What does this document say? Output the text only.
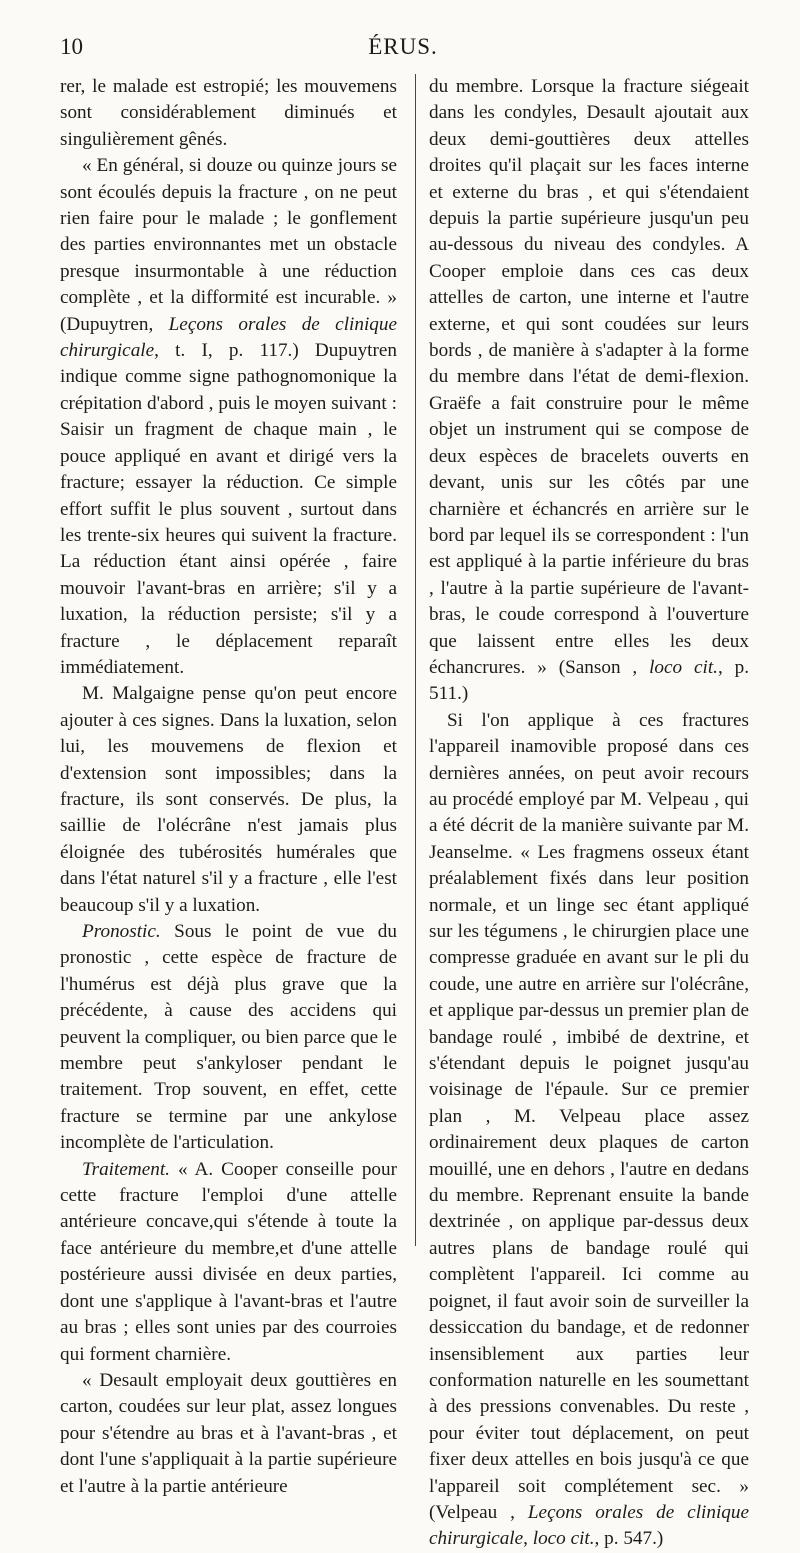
10	ÉRUS.

rer, le malade est estropié; les mouvemens sont considérablement diminués et singulièrement gênés.

« En général, si douze ou quinze jours se sont écoulés depuis la fracture , on ne peut rien faire pour le malade ; le gonflement des parties environnantes met un obstacle presque insurmontable à une réduction complète , et la difformité est incurable. » (Dupuytren, Leçons orales de clinique chirurgicale, t. I, p. 117.) Dupuytren indique comme signe pathognomonique la crépitation d'abord , puis le moyen suivant : Saisir un fragment de chaque main , le pouce appliqué en avant et dirigé vers la fracture; essayer la réduction. Ce simple effort suffit le plus souvent , surtout dans les trente-six heures qui suivent la fracture. La réduction étant ainsi opérée , faire mouvoir l'avant-bras en arrière; s'il y a luxation, la réduction persiste; s'il y a fracture , le déplacement reparaît immédiatement.

M. Malgaigne pense qu'on peut encore ajouter à ces signes. Dans la luxation, selon lui, les mouvemens de flexion et d'extension sont impossibles; dans la fracture, ils sont conservés. De plus, la saillie de l'olécrâne n'est jamais plus éloignée des tubérosités humérales que dans l'état naturel s'il y a fracture , elle l'est beaucoup s'il y a luxation.

Pronostic. Sous le point de vue du pronostic , cette espèce de fracture de l'humérus est déjà plus grave que la précédente, à cause des accidens qui peuvent la compliquer, ou bien parce que le membre peut s'ankyloser pendant le traitement. Trop souvent, en effet, cette fracture se termine par une ankylose incomplète de l'articulation.

Traitement. « A. Cooper conseille pour cette fracture l'emploi d'une attelle antérieure concave,qui s'étende à toute la face antérieure du membre,et d'une attelle postérieure aussi divisée en deux parties, dont une s'applique à l'avant-bras et l'autre au bras ; elles sont unies par des courroies qui forment charnière.

« Desault employait deux gouttières en carton, coudées sur leur plat, assez longues pour s'étendre au bras et à l'avant-bras , et dont l'une s'appliquait à la partie supérieure et l'autre à la partie antérieure

du membre. Lorsque la fracture siégeait dans les condyles, Desault ajoutait aux deux demi-gouttières deux attelles droites qu'il plaçait sur les faces interne et externe du bras , et qui s'étendaient depuis la partie supérieure jusqu'un peu au-dessous du niveau des condyles. A Cooper emploie dans ces cas deux attelles de carton, une interne et l'autre externe, et qui sont coudées sur leurs bords , de manière à s'adapter à la forme du membre dans l'état de demi-flexion. Graëfe a fait construire pour le même objet un instrument qui se compose de deux espèces de bracelets ouverts en devant, unis sur les côtés par une charnière et échancrés en arrière sur le bord par lequel ils se correspondent : l'un est appliqué à la partie inférieure du bras , l'autre à la partie supérieure de l'avant-bras, le coude correspond à l'ouverture que laissent entre elles les deux échancrures. » (Sanson , loco cit., p. 511.)

Si l'on applique à ces fractures l'appareil inamovible proposé dans ces dernières années, on peut avoir recours au procédé employé par M. Velpeau , qui a été décrit de la manière suivante par M. Jeanselme. « Les fragmens osseux étant préalablement fixés dans leur position normale, et un linge sec étant appliqué sur les tégumens , le chirurgien place une compresse graduée en avant sur le pli du coude, une autre en arrière sur l'olécrâne, et applique par-dessus un premier plan de bandage roulé , imbibé de dextrine, et s'étendant depuis le poignet jusqu'au voisinage de l'épaule. Sur ce premier plan , M. Velpeau place assez ordinairement deux plaques de carton mouillé, une en dehors , l'autre en dedans du membre. Reprenant ensuite la bande dextrinée , on applique par-dessus deux autres plans de bandage roulé qui complètent l'appareil. Ici comme au poignet, il faut avoir soin de surveiller la dessiccation du bandage, et de redonner insensiblement aux parties leur conformation naturelle en les soumettant à des pressions convenables. Du reste , pour éviter tout déplacement, on peut fixer deux attelles en bois jusqu'à ce que l'appareil soit complétement sec. » (Velpeau , Leçons orales de clinique chirurgicale, loco cit., p. 547.)
